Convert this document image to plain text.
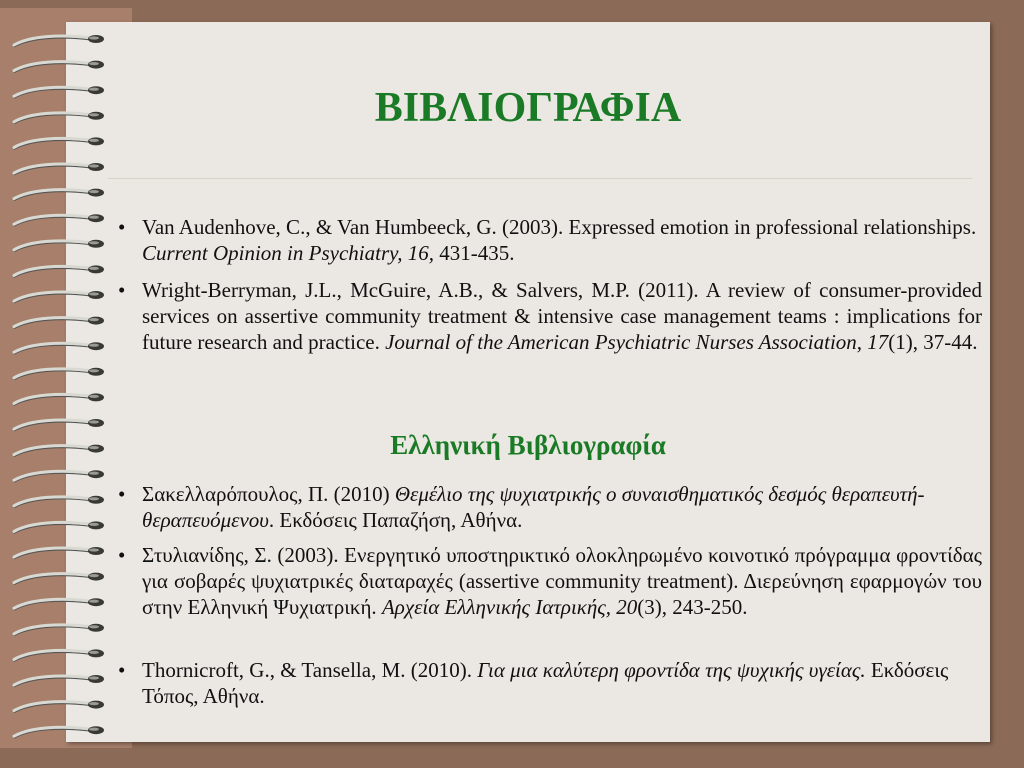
ΒΙΒΛΙΟΓΡΑΦΙΑ
• Van Audenhove, C., & Van Humbeeck, G. (2003). Expressed emotion in professional relationships. Current Opinion in Psychiatry, 16, 431-435.
• Wright-Berryman, J.L., McGuire, A.B., & Salvers, M.P. (2011). A review of consumer-provided services on assertive community treatment & intensive case management teams : implications for future research and practice. Journal of the American Psychiatric Nurses Association, 17(1), 37-44.
Ελληνική Βιβλιογραφία
• Σακελλαρόπουλος, Π. (2010) Θεμέλιο της ψυχιατρικής ο συναισθηματικός δεσμός θεραπευτή-θεραπευόμενου. Εκδόσεις Παπαζήση, Αθήνα.
• Στυλιανίδης, Σ. (2003). Ενεργητικό υποστηρικτικό ολοκληρωμένο κοινοτικό πρόγραμμα φροντίδας για σοβαρές ψυχιατρικές διαταραχές (assertive community treatment). Διερεύνηση εφαρμογών του στην Ελληνική Ψυχιατρική. Αρχεία Ελληνικής Ιατρικής, 20(3), 243-250.
• Thornicroft, G., & Tansella, M. (2010). Για μια καλύτερη φροντίδα της ψυχικής υγείας. Εκδόσεις Τόπος, Αθήνα.
